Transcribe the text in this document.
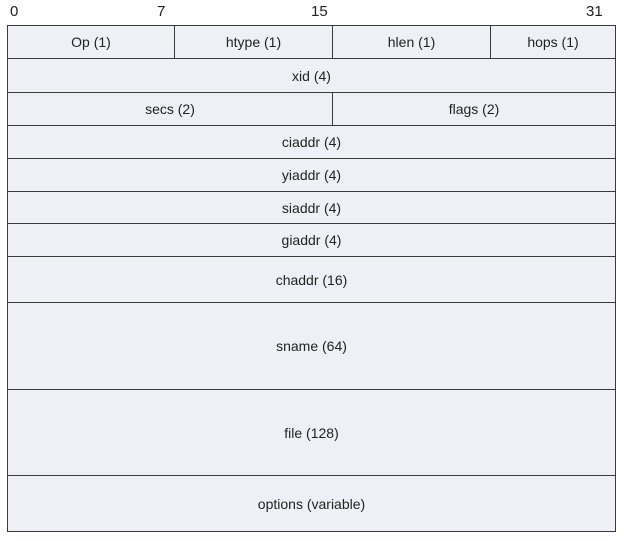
0	7	15	31
Op (1)	htype (1)	hlen (1)	hops (1)
xid (4)
secs (2)	flags (2)
ciaddr (4)
yiaddr (4)
siaddr (4)
giaddr (4)
chaddr (16)
sname (64)
file (128)
options (variable)
